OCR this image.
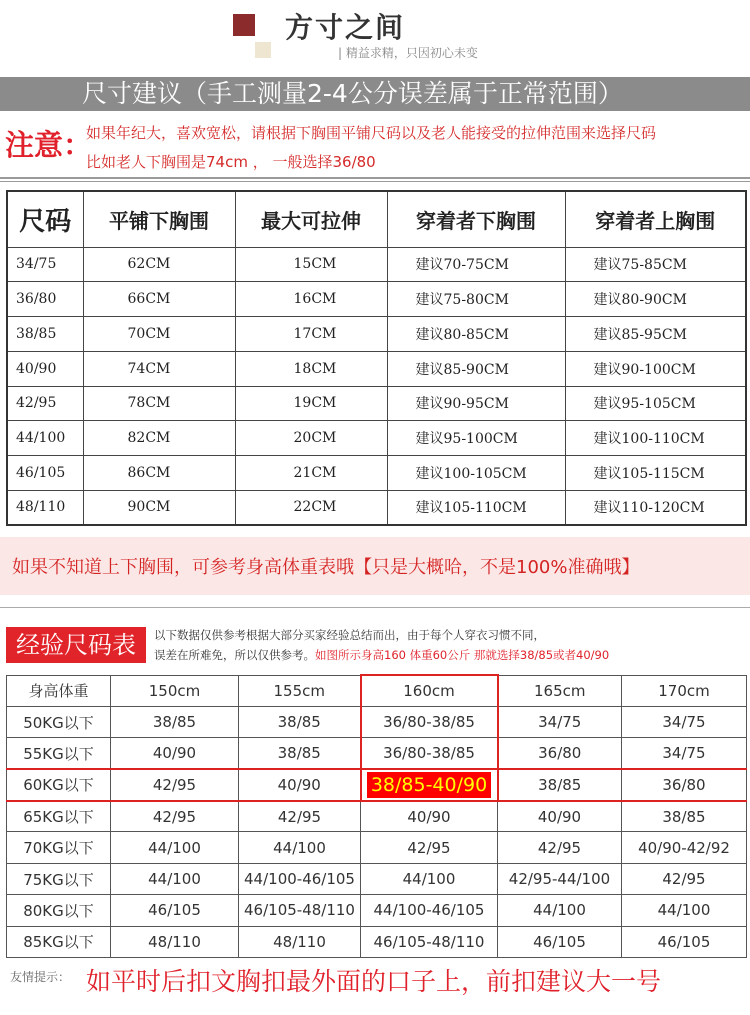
方寸之间
| 精益求精，只因初心未变
尺寸建议（手工测量2-4公分误差属于正常范围）
注意：
如果年纪大，喜欢宽松，请根据下胸围平铺尺码以及老人能接受的拉伸范围来选择尺码
比如老人下胸围是74cm ， 一般选择36/80
尺码	平铺下胸围	最大可拉伸	穿着者下胸围	穿着者上胸围
34/75	62CM	15CM	建议70-75CM	建议75-85CM
36/80	66CM	16CM	建议75-80CM	建议80-90CM
38/85	70CM	17CM	建议80-85CM	建议85-95CM
40/90	74CM	18CM	建议85-90CM	建议90-100CM
42/95	78CM	19CM	建议90-95CM	建议95-105CM
44/100	82CM	20CM	建议95-100CM	建议100-110CM
46/105	86CM	21CM	建议100-105CM	建议105-115CM
48/110	90CM	22CM	建议105-110CM	建议110-120CM
如果不知道上下胸围，可参考身高体重表哦【只是大概哈，不是100%准确哦】
经验尺码表	以下数据仅供参考根据大部分买家经验总结而出，由于每个人穿衣习惯不同，
误差在所难免，所以仅供参考。如图所示身高160 体重60公斤 那就选择38/85或者40/90
身高体重	150cm	155cm	160cm	165cm	170cm
50KG以下	38/85	38/85	36/80-38/85	34/75	34/75
55KG以下	40/90	38/85	36/80-38/85	36/80	34/75
60KG以下	42/95	40/90	38/85-40/90	38/85	36/80
65KG以下	42/95	42/95	40/90	40/90	38/85
70KG以下	44/100	44/100	42/95	42/95	40/90-42/92
75KG以下	44/100	44/100-46/105	44/100	42/95-44/100	42/95
80KG以下	46/105	46/105-48/110	44/100-46/105	44/100	44/100
85KG以下	48/110	48/110	46/105-48/110	46/105	46/105
友情提示： 如平时后扣文胸扣最外面的口子上，前扣建议大一号
